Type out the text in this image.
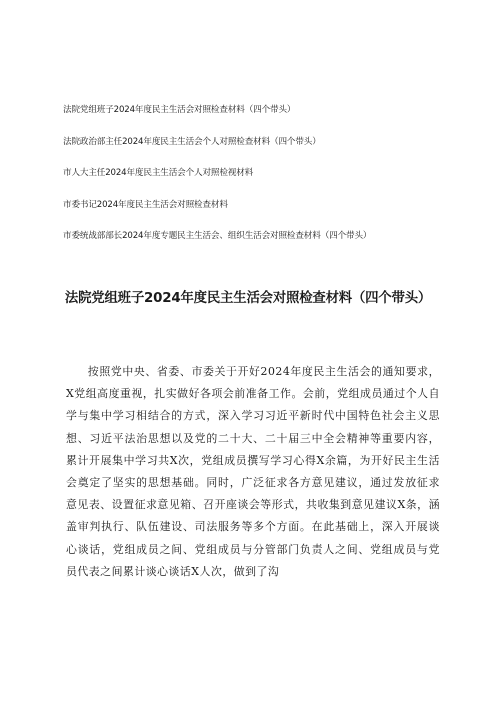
法院党组班子2024年度民主生活会对照检查材料（四个带头）
法院政治部主任2024年度民主生活会个人对照检查材料（四个带头）
市人大主任2024年度民主生活会个人对照检视材料
市委书记2024年度民主生活会对照检查材料
市委统战部部长2024年度专题民主生活会、组织生活会对照检查材料（四个带头）
法院党组班子2024年度民主生活会对照检查材料（四个带头）

按照党中央、省委、市委关于开好2024年度民主生活会的通知要求，X党组高度重视，扎实做好各项会前准备工作。会前，党组成员通过个人自学与集中学习相结合的方式，深入学习习近平新时代中国特色社会主义思想、习近平法治思想以及党的二十大、二十届三中全会精神等重要内容，累计开展集中学习共X次，党组成员撰写学习心得X余篇，为开好民主生活会奠定了坚实的思想基础。同时，广泛征求各方意见建议，通过发放征求意见表、设置征求意见箱、召开座谈会等形式，共收集到意见建议X条，涵盖审判执行、队伍建设、司法服务等多个方面。在此基础上，深入开展谈心谈话，党组成员之间、党组成员与分管部门负责人之间、党组成员与党员代表之间累计谈心谈话X人次，做到了沟
